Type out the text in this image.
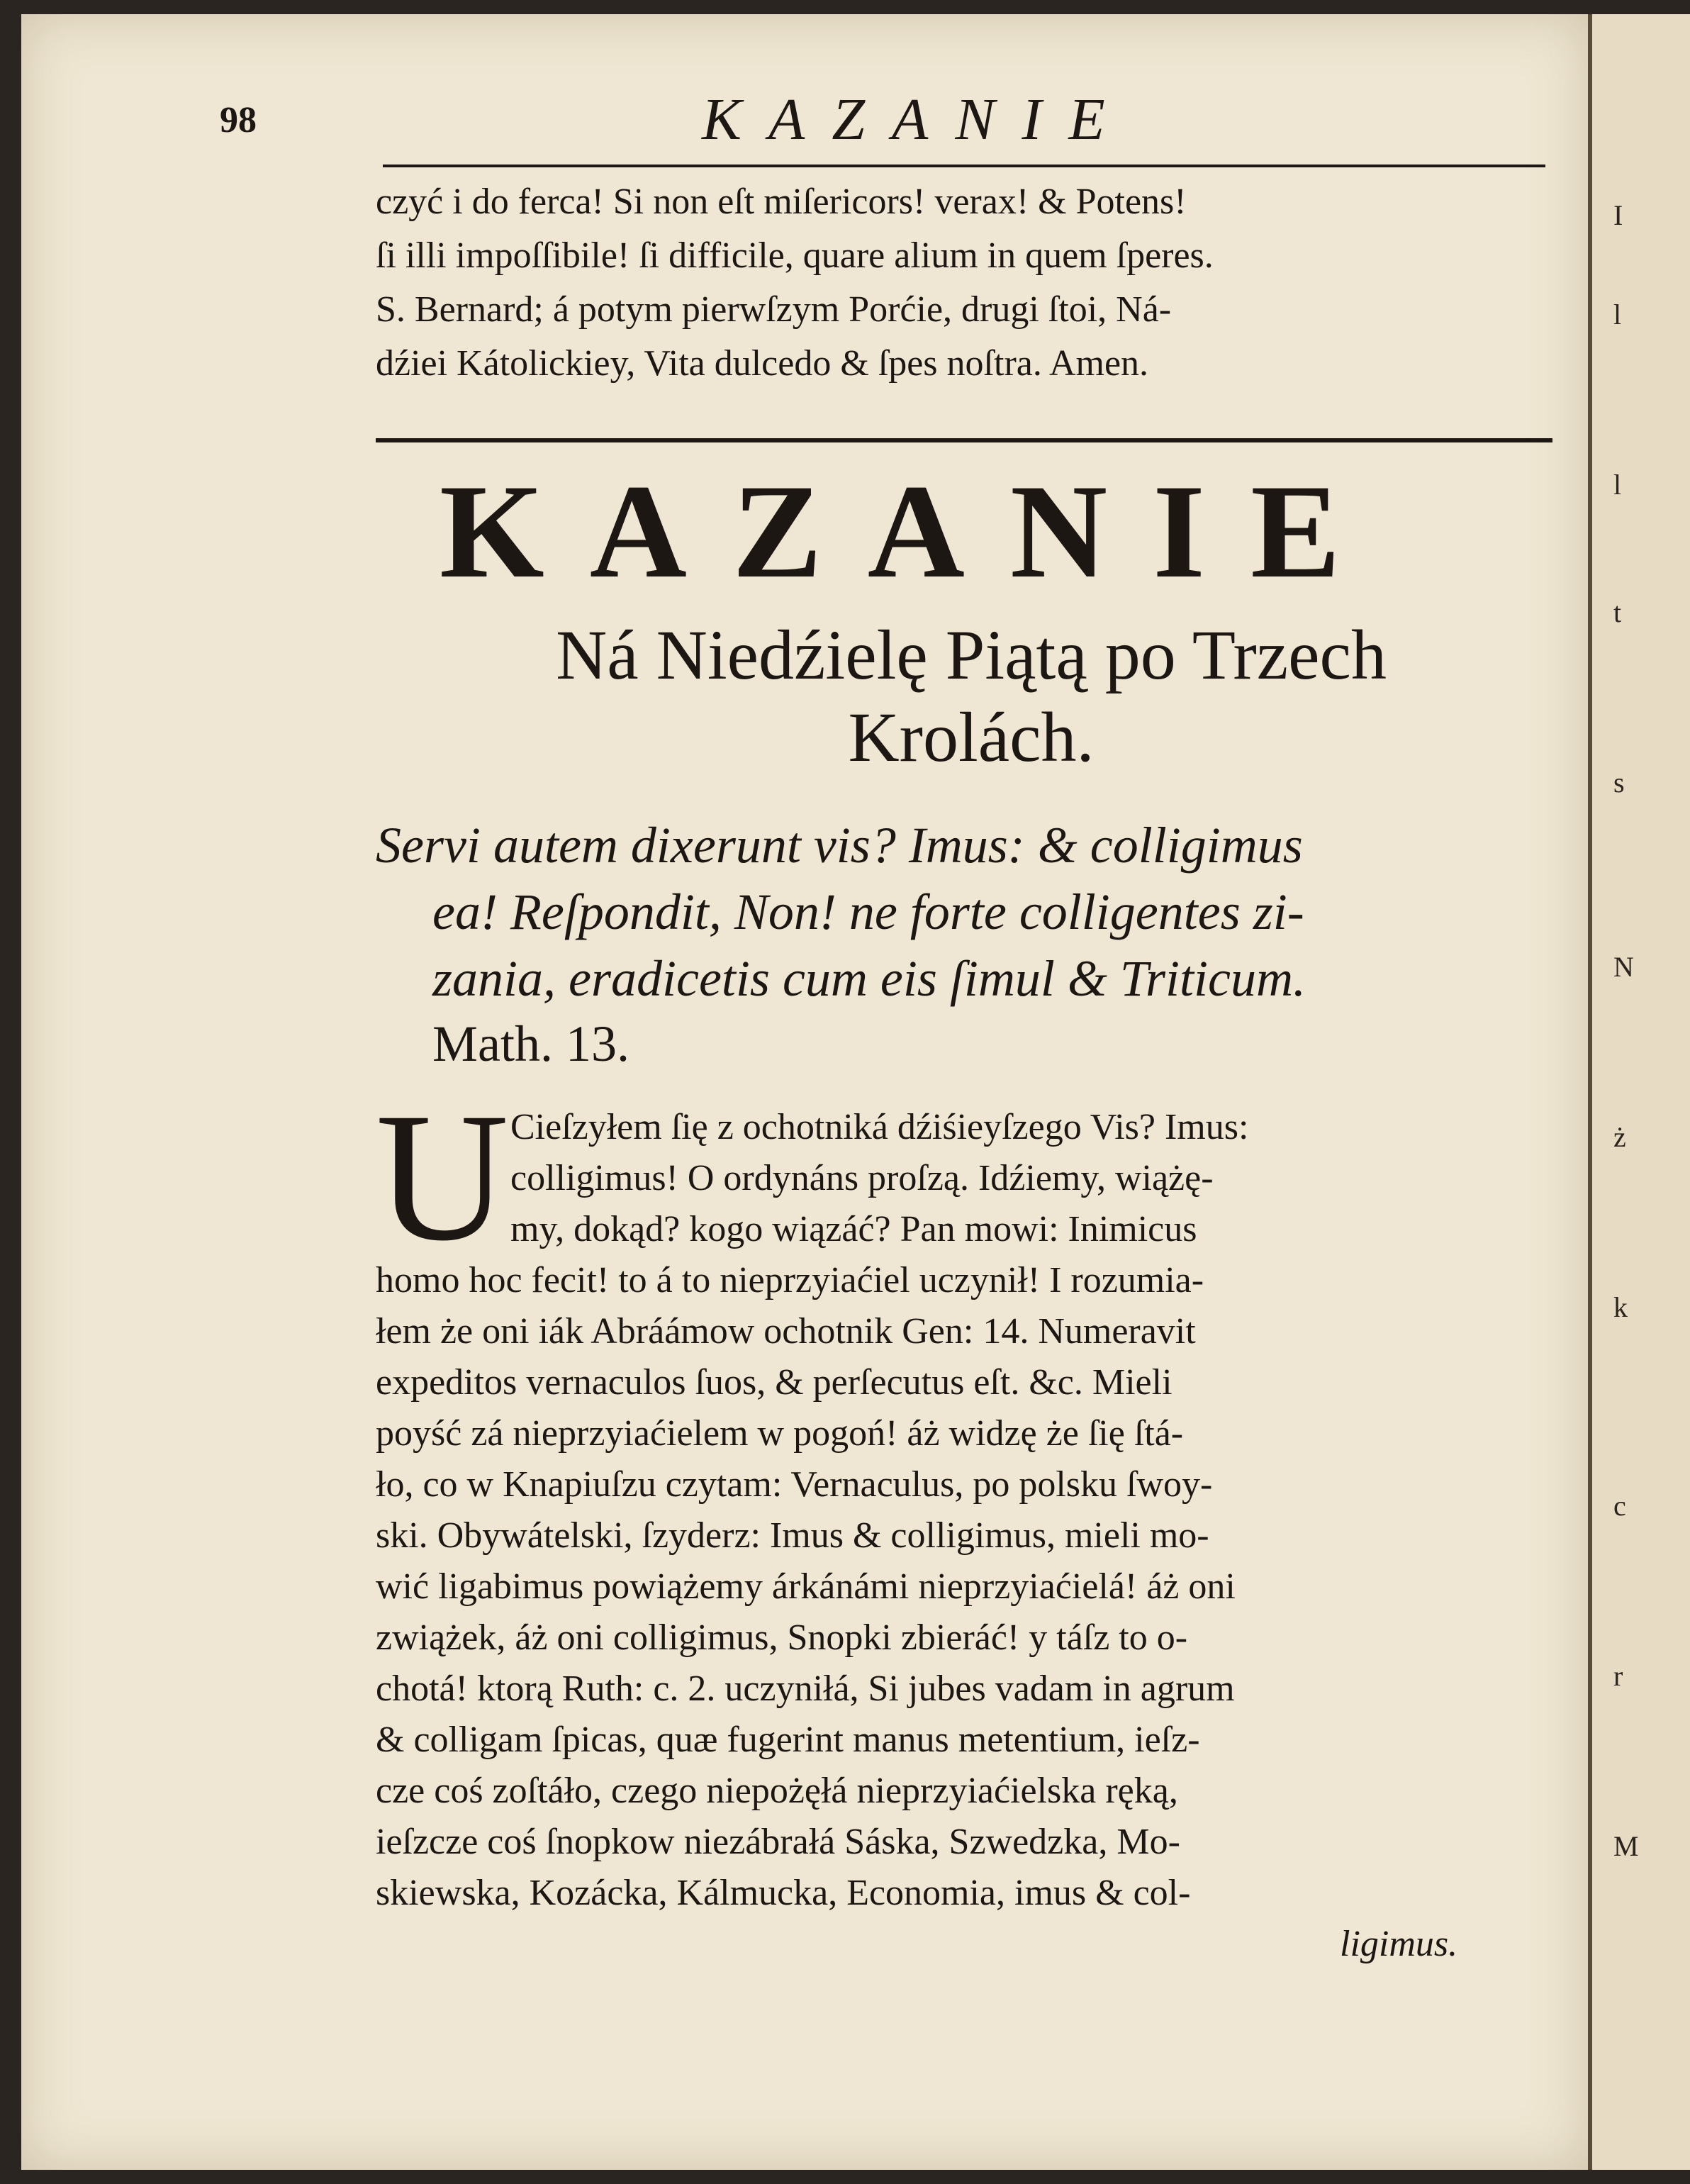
I
l
l
t
s
N
ż
k
c
r
M
98	KAZANIE
czyć i do ferca! Si non eſt miſericors! verax! & Potens!
ſi illi impoſſibile! ſi difficile, quare alium in quem ſperes.
S. Bernard; á potym pierwſzym Porćie, drugi ſtoi, Ná-
dźiei Kátolickiey, Vita dulcedo & ſpes noſtra. Amen.
KAZANIE
Ná Niedźielę Piątą po Trzech
Krolách.
Servi autem dixerunt vis? Imus: & colligimus
ea! Reſpondit, Non! ne forte colligentes zi-
zania, eradicetis cum eis ſimul & Triticum.
Math. 13.
U Cieſzyłem ſię z ochotniká dźiśieyſzego Vis? Imus:
colligimus! O ordynáns proſzą. Idźiemy, wiążę-
my, dokąd? kogo wiązáć? Pan mowi: Inimicus
homo hoc fecit! to á to nieprzyiaćiel uczynił! I rozumia-
łem że oni iák Abráámow ochotnik Gen: 14. Numeravit
expeditos vernaculos ſuos, & perſecutus eſt. &c. Mieli
poyść zá nieprzyiaćielem w pogoń! áż widzę że ſię ſtá-
ło, co w Knapiuſzu czytam: Vernaculus, po polsku ſwoy-
ski. Obywátelski, ſzyderz: Imus & colligimus, mieli mo-
wić ligabimus powiążemy árkánámi nieprzyiaćielá! áż oni
zwiążek, áż oni colligimus, Snopki zbieráć! y táſz to o-
chotá! ktorą Ruth: c. 2. uczyniłá, Si jubes vadam in agrum
& colligam ſpicas, quæ fugerint manus metentium, ieſz-
cze coś zoſtáło, czego niepożęłá nieprzyiaćielska ręką,
ieſzcze coś ſnopkow niezábrałá Sáska, Szwedzka, Mo-
skiewska, Kozácka, Kálmucka, Economia, imus & col-
ligimus.
